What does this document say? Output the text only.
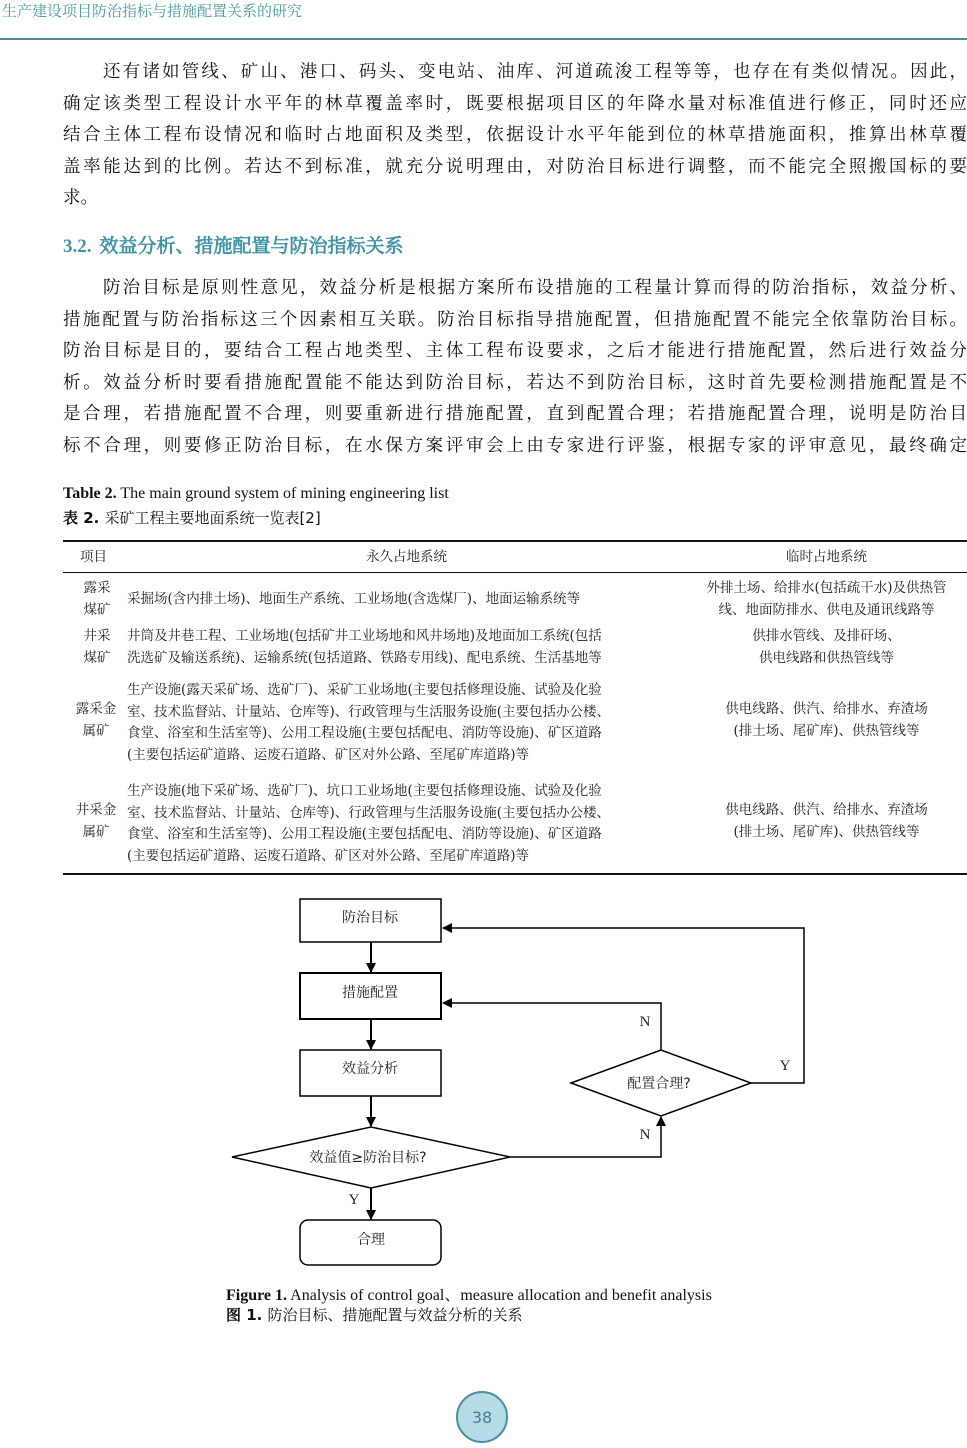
生产建设项目防治指标与措施配置关系的研究
还有诸如管线、矿山、港口、码头、变电站、油库、河道疏浚工程等等，也存在有类似情况。因此，
确定该类型工程设计水平年的林草覆盖率时，既要根据项目区的年降水量对标准值进行修正，同时还应
结合主体工程布设情况和临时占地面积及类型，依据设计水平年能到位的林草措施面积，推算出林草覆
盖率能达到的比例。若达不到标准，就充分说明理由，对防治目标进行调整，而不能完全照搬国标的要
求。
3.2. 效益分析、措施配置与防治指标关系
防治目标是原则性意见，效益分析是根据方案所布设措施的工程量计算而得的防治指标，效益分析、
措施配置与防治指标这三个因素相互关联。防治目标指导措施配置，但措施配置不能完全依靠防治目标。
防治目标是目的，要结合工程占地类型、主体工程布设要求，之后才能进行措施配置，然后进行效益分
析。效益分析时要看措施配置能不能达到防治目标，若达不到防治目标，这时首先要检测措施配置是不
是合理，若措施配置不合理，则要重新进行措施配置，直到配置合理；若措施配置合理，说明是防治目
标不合理，则要修正防治目标，在水保方案评审会上由专家进行评鉴，根据专家的评审意见，最终确定
Table 2. The main ground system of mining engineering list
表 2. 采矿工程主要地面系统一览表[2]
项目	永久占地系统	临时占地系统
露采
煤矿
采掘场(含内排土场)、地面生产系统、工业场地(含选煤厂)、地面运输系统等
外排土场、给排水(包括疏干水)及供热管
线、地面防排水、供电及通讯线路等
井采
煤矿
井筒及井巷工程、工业场地(包括矿井工业场地和风井场地)及地面加工系统(包括
洗选矿及输送系统)、运输系统(包括道路、铁路专用线)、配电系统、生活基地等
供排水管线、及排矸场、
供电线路和供热管线等
露采金
属矿
生产设施(露天采矿场、选矿厂)、采矿工业场地(主要包括修理设施、试验及化验
室、技术监督站、计量站、仓库等)、行政管理与生活服务设施(主要包括办公楼、
食堂、浴室和生活室等)、公用工程设施(主要包括配电、消防等设施)、矿区道路
(主要包括运矿道路、运废石道路、矿区对外公路、至尾矿库道路)等
供电线路、供汽、给排水、弃渣场
(排土场、尾矿库)、供热管线等
井采金
属矿
生产设施(地下采矿场、选矿厂)、坑口工业场地(主要包括修理设施、试验及化验
室、技术监督站、计量站、仓库等)、行政管理与生活服务设施(主要包括办公楼、
食堂、浴室和生活室等)、公用工程设施(主要包括配电、消防等设施)、矿区道路
(主要包括运矿道路、运废石道路、矿区对外公路、至尾矿库道路)等
供电线路、供汽、给排水、弃渣场
(排土场、尾矿库)、供热管线等
防治目标
措施配置
效益分析
效益值≥防治目标?
Y
合理
N
配置合理?
N
Y
Figure 1. Analysis of control goal、measure allocation and benefit analysis
图 1. 防治目标、措施配置与效益分析的关系
38
